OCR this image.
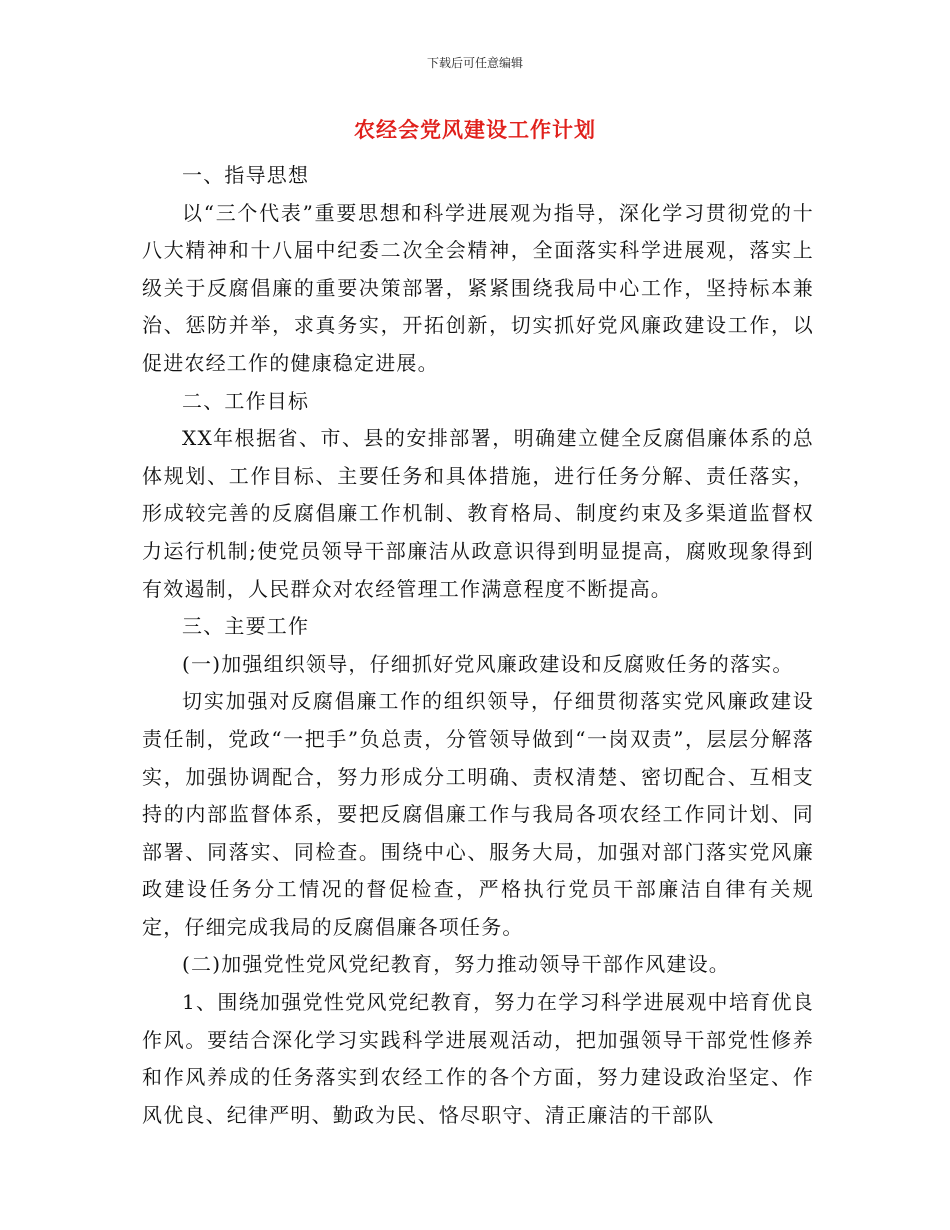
下载后可任意编辑
农经会党风建设工作计划

一、指导思想

以“三个代表”重要思想和科学进展观为指导，深化学习贯彻党的十八大精神和十八届中纪委二次全会精神，全面落实科学进展观，落实上级关于反腐倡廉的重要决策部署，紧紧围绕我局中心工作，坚持标本兼治、惩防并举，求真务实，开拓创新，切实抓好党风廉政建设工作，以促进农经工作的健康稳定进展。

二、工作目标

XX年根据省、市、县的安排部署，明确建立健全反腐倡廉体系的总体规划、工作目标、主要任务和具体措施，进行任务分解、责任落实，形成较完善的反腐倡廉工作机制、教育格局、制度约束及多渠道监督权力运行机制;使党员领导干部廉洁从政意识得到明显提高，腐败现象得到有效遏制，人民群众对农经管理工作满意程度不断提高。

三、主要工作

(一)加强组织领导，仔细抓好党风廉政建设和反腐败任务的落实。

切实加强对反腐倡廉工作的组织领导，仔细贯彻落实党风廉政建设责任制，党政“一把手”负总责，分管领导做到“一岗双责”，层层分解落实，加强协调配合，努力形成分工明确、责权清楚、密切配合、互相支持的内部监督体系，要把反腐倡廉工作与我局各项农经工作同计划、同部署、同落实、同检查。围绕中心、服务大局，加强对部门落实党风廉政建设任务分工情况的督促检查，严格执行党员干部廉洁自律有关规定，仔细完成我局的反腐倡廉各项任务。

(二)加强党性党风党纪教育，努力推动领导干部作风建设。

1、围绕加强党性党风党纪教育，努力在学习科学进展观中培育优良作风。要结合深化学习实践科学进展观活动，把加强领导干部党性修养和作风养成的任务落实到农经工作的各个方面，努力建设政治坚定、作风优良、纪律严明、勤政为民、恪尽职守、清正廉洁的干部队
